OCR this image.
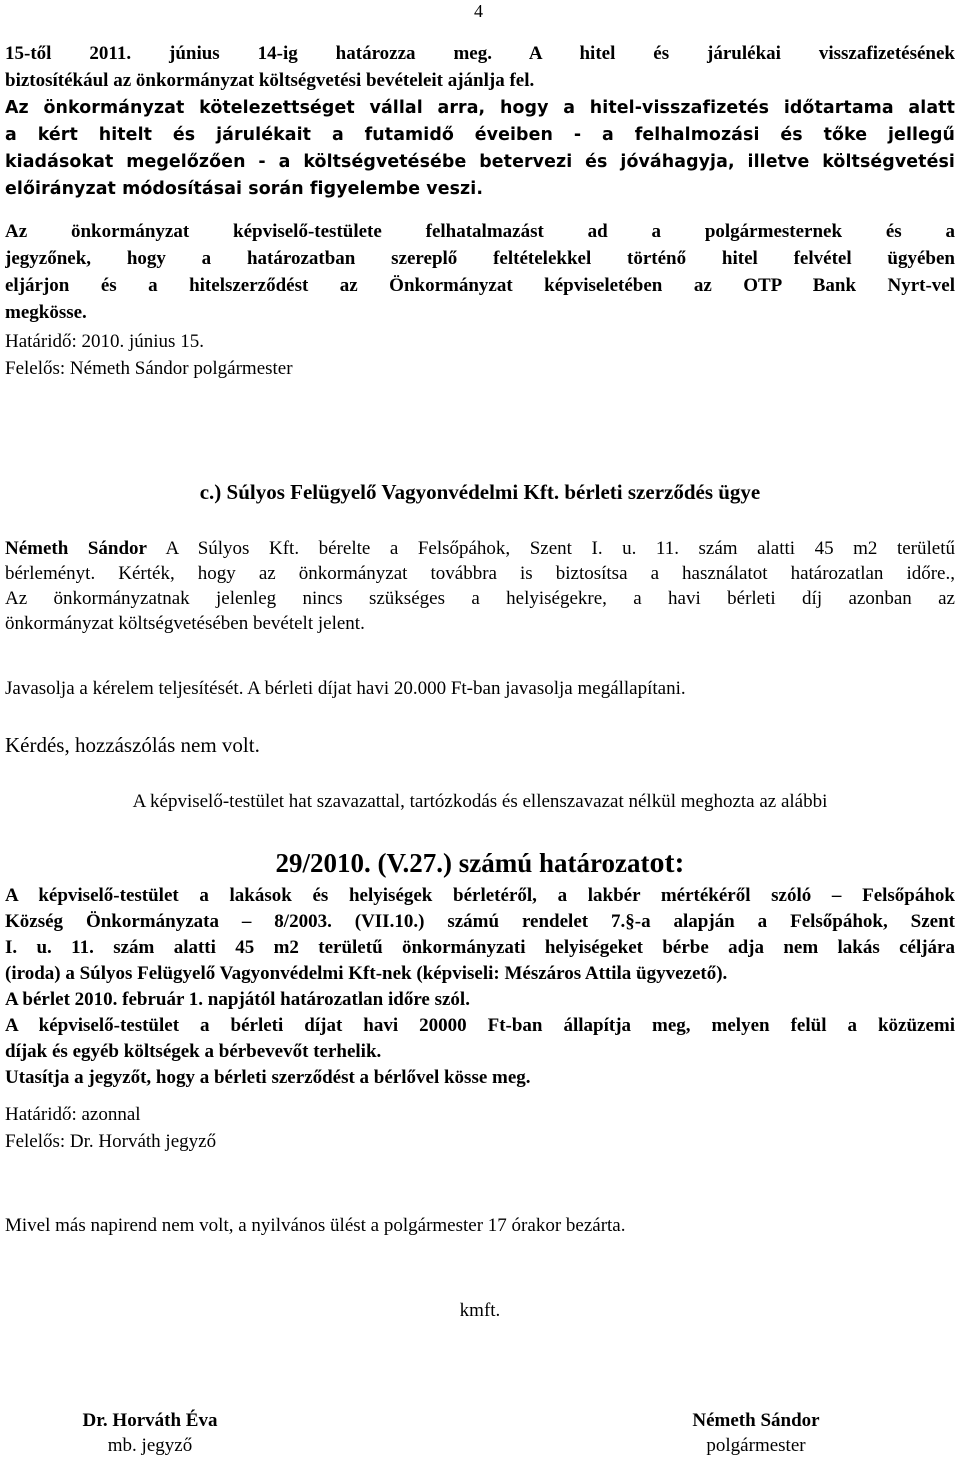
4
15-től 2011. június 14-ig határozza meg. A hitel és járulékai visszafizetésének
biztosítékául az önkormányzat költségvetési bevételeit ajánlja fel.
Az önkormányzat kötelezettséget vállal arra, hogy a hitel-visszafizetés időtartama alatt
a kért hitelt és járulékait a futamidő éveiben - a felhalmozási és tőke jellegű
kiadásokat megelőzően - a költségvetésébe betervezi és jóváhagyja, illetve költségvetési
előirányzat módosításai során figyelembe veszi.
Az önkormányzat képviselő-testülete felhatalmazást ad a polgármesternek és a
jegyzőnek, hogy a határozatban szereplő feltételekkel történő hitel felvétel ügyében
eljárjon és a hitelszerződést az Önkormányzat képviseletében az OTP Bank Nyrt-vel
megkösse.
Határidő: 2010. június 15.
Felelős: Németh Sándor polgármester
c.) Súlyos Felügyelő Vagyonvédelmi Kft. bérleti szerződés ügye
Németh Sándor A Súlyos Kft. bérelte a Felsőpáhok, Szent I. u. 11. szám alatti 45 m2 területű
bérleményt. Kérték, hogy az önkormányzat továbbra is biztosítsa a használatot határozatlan időre.,
Az önkormányzatnak jelenleg nincs szükséges a helyiségekre, a havi bérleti díj azonban az
önkormányzat költségvetésében bevételt jelent.
Javasolja a kérelem teljesítését. A bérleti díjat havi 20.000 Ft-ban javasolja megállapítani.
Kérdés, hozzászólás nem volt.
A képviselő-testület hat szavazattal, tartózkodás és ellenszavazat nélkül meghozta az alábbi
29/2010. (V.27.) számú határozatot:
A képviselő-testület a lakások és helyiségek bérletéről, a lakbér mértékéről szóló – Felsőpáhok
Község Önkormányzata – 8/2003. (VII.10.) számú rendelet 7.§-a alapján a Felsőpáhok, Szent
I. u. 11. szám alatti 45 m2 területű önkormányzati helyiségeket bérbe adja nem lakás céljára
(iroda) a Súlyos Felügyelő Vagyonvédelmi Kft-nek (képviseli: Mészáros Attila ügyvezető).
A bérlet 2010. február 1. napjától határozatlan időre szól.
A képviselő-testület a bérleti díjat havi 20000 Ft-ban állapítja meg, melyen felül a közüzemi
díjak és egyéb költségek a bérbevevőt terhelik.
Utasítja a jegyzőt, hogy a bérleti szerződést a bérlővel kösse meg.
Határidő: azonnal
Felelős: Dr. Horváth jegyző
Mivel más napirend nem volt, a nyilvános ülést a polgármester 17 órakor bezárta.
kmft.
Dr. Horváth Éva
mb. jegyző
Németh Sándor
polgármester
